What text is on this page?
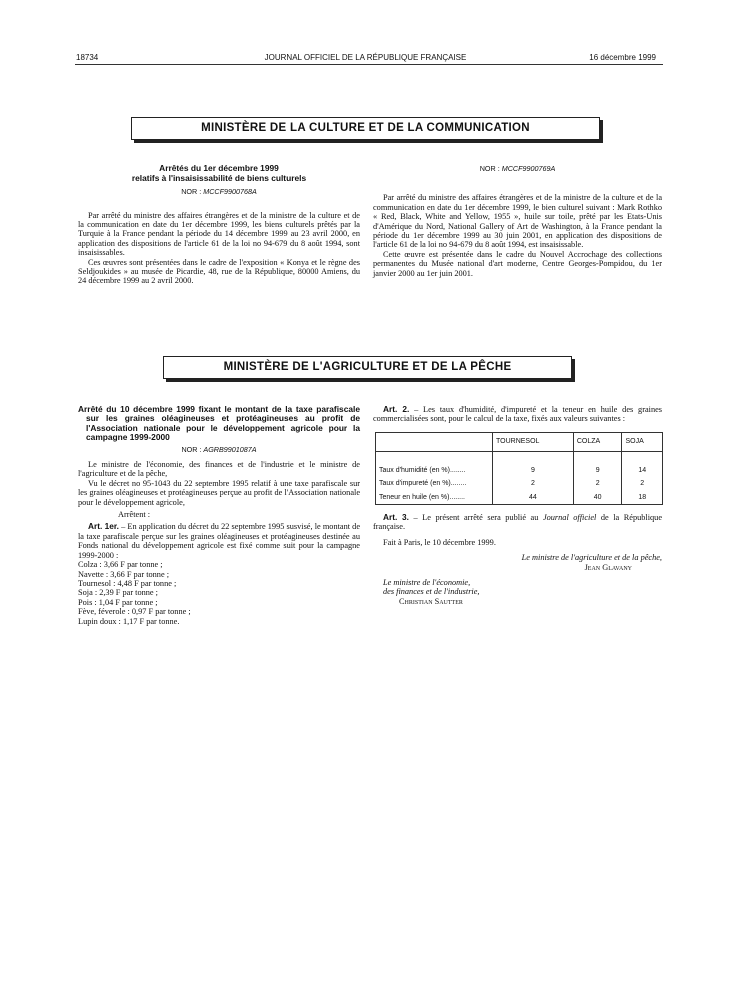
18734	JOURNAL OFFICIEL DE LA RÉPUBLIQUE FRANÇAISE	16 décembre 1999
MINISTÈRE DE LA CULTURE ET DE LA COMMUNICATION
Arrêtés du 1er décembre 1999
relatifs à l'insaisissabilité de biens culturels
NOR : MCCF9900768A

Par arrêté du ministre des affaires étrangères et de la ministre de la culture et de la communication en date du 1er décembre 1999, les biens culturels prêtés par la Turquie à la France pendant la période du 14 décembre 1999 au 23 avril 2000, en application des dispositions de l'article 61 de la loi no 94-679 du 8 août 1994, sont insaisissables.

Ces œuvres sont présentées dans le cadre de l'exposition « Konya et le règne des Seldjoukides » au musée de Picardie, 48, rue de la République, 80000 Amiens, du 24 décembre 1999 au 2 avril 2000.

NOR : MCCF9900769A

Par arrêté du ministre des affaires étrangères et de la ministre de la culture et de la communication en date du 1er décembre 1999, le bien culturel suivant : Mark Rothko « Red, Black, White and Yellow, 1955 », huile sur toile, prêté par les Etats-Unis d'Amérique du Nord, National Gallery of Art de Washington, à la France pendant la période du 1er décembre 1999 au 30 juin 2001, en application des dispositions de l'article 61 de la loi no 94-679 du 8 août 1994, est insaisissable.

Cette œuvre est présentée dans le cadre du Nouvel Accrochage des collections permanentes du Musée national d'art moderne, Centre Georges-Pompidou, du 1er janvier 2000 au 1er juin 2001.

MINISTÈRE DE L'AGRICULTURE ET DE LA PÊCHE
Arrêté du 10 décembre 1999 fixant le montant de la taxe parafiscale sur les graines oléagineuses et protéagineuses au profit de l'Association nationale pour le développement agricole pour la campagne 1999-2000
NOR : AGRB9901087A

Le ministre de l'économie, des finances et de l'industrie et le ministre de l'agriculture et de la pêche,

Vu le décret no 95-1043 du 22 septembre 1995 relatif à une taxe parafiscale sur les graines oléagineuses et protéagineuses perçue au profit de l'Association nationale pour le développement agricole,

Arrêtent :

Art. 1er. – En application du décret du 22 septembre 1995 susvisé, le montant de la taxe parafiscale perçue sur les graines oléagineuses et protéagineuses destinée au Fonds national du développement agricole est fixé comme suit pour la campagne 1999-2000 :

Colza : 3,66 F par tonne ;
Navette : 3,66 F par tonne ;
Tournesol : 4,48 F par tonne ;
Soja : 2,39 F par tonne ;
Pois : 1,04 F par tonne ;
Fève, féverole : 0,97 F par tonne ;
Lupin doux : 1,17 F par tonne.

Art. 2. – Les taux d'humidité, d'impureté et la teneur en huile des graines commercialisées sont, pour le calcul de la taxe, fixés aux valeurs suivantes :

	TOURNESOL	COLZA	SOJA
Taux d'humidité (en %)........	9	9	14
Taux d'impureté (en %)........	2	2	2
Teneur en huile (en %)........	44	40	18

Art. 3. – Le présent arrêté sera publié au Journal officiel de la République française.

Fait à Paris, le 10 décembre 1999.

Le ministre de l'agriculture et de la pêche,
Jean Glavany
Le ministre de l'économie,
des finances et de l'industrie,
Christian Sautter
